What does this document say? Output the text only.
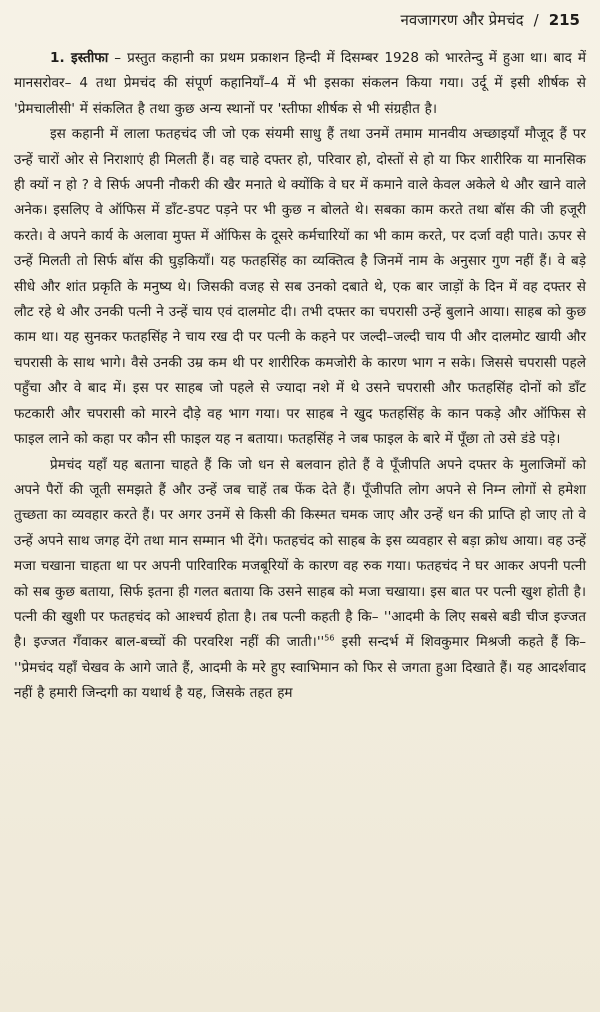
नवजागरण और प्रेमचंद / 215

1. इस्तीफा – प्रस्तुत कहानी का प्रथम प्रकाशन हिन्दी में दिसम्बर 1928 को भारतेन्दु में हुआ था। बाद में मानसरोवर– 4 तथा प्रेमचंद की संपूर्ण कहानियाँ–4 में भी इसका संकलन किया गया। उर्दू में इसी शीर्षक से 'प्रेमचालीसी' में संकलित है तथा कुछ अन्य स्थानों पर 'स्तीफा शीर्षक से भी संग्रहीत है।

इस कहानी में लाला फतहचंद जी जो एक संयमी साधु हैं तथा उनमें तमाम मानवीय अच्छाइयाँ मौजूद हैं पर उन्हें चारों ओर से निराशाएं ही मिलती हैं। वह चाहे दफ्तर हो, परिवार हो, दोस्तों से हो या फिर शारीरिक या मानसिक ही क्यों न हो ? वे सिर्फ अपनी नौकरी की खैर मनाते थे क्योंकि वे घर में कमाने वाले केवल अकेले थे और खाने वाले अनेक। इसलिए वे ऑफिस में डाँट-डपट पड़ने पर भी कुछ न बोलते थे। सबका काम करते तथा बॉस की जी हजूरी करते। वे अपने कार्य के अलावा मुफ्त में ऑफिस के दूसरे कर्मचारियों का भी काम करते, पर दर्जा वही पाते। ऊपर से उन्हें मिलती तो सिर्फ बॉस की घुड़कियाँ। यह फतहसिंह का व्यक्तित्व है जिनमें नाम के अनुसार गुण नहीं हैं। वे बड़े सीधे और शांत प्रकृति के मनुष्य थे। जिसकी वजह से सब उनको दबाते थे, एक बार जाड़ों के दिन में वह दफ्तर से लौट रहे थे और उनकी पत्नी ने उन्हें चाय एवं दालमोट दी। तभी दफ्तर का चपरासी उन्हें बुलाने आया। साहब को कुछ काम था। यह सुनकर फतहसिंह ने चाय रख दी पर पत्नी के कहने पर जल्दी–जल्दी चाय पी और दालमोट खायी और चपरासी के साथ भागे। वैसे उनकी उम्र कम थी पर शारीरिक कमजोरी के कारण भाग न सके। जिससे चपरासी पहले पहुँचा और वे बाद में। इस पर साहब जो पहले से ज्यादा नशे में थे उसने चपरासी और फतहसिंह दोनों को डाँट फटकारी और चपरासी को मारने दौड़े वह भाग गया। पर साहब ने खुद फतहसिंह के कान पकड़े और ऑफिस से फाइल लाने को कहा पर कौन सी फाइल यह न बताया। फतहसिंह ने जब फाइल के बारे में पूँछा तो उसे डंडे पड़े।

प्रेमचंद यहाँ यह बताना चाहते हैं कि जो धन से बलवान होते हैं वे पूँजीपति अपने दफ्तर के मुलाजिमों को अपने पैरों की जूती समझते हैं और उन्हें जब चाहें तब फेंक देते हैं। पूँजीपति लोग अपने से निम्न लोगों से हमेशा तुच्छता का व्यवहार करते हैं। पर अगर उनमें से किसी की किस्मत चमक जाए और उन्हें धन की प्राप्ति हो जाए तो वे उन्हें अपने साथ जगह देंगे तथा मान सम्मान भी देंगे। फतहचंद को साहब के इस व्यवहार से बड़ा क्रोध आया। वह उन्हें मजा चखाना चाहता था पर अपनी पारिवारिक मजबूरियों के कारण वह रुक गया। फतहचंद ने घर आकर अपनी पत्नी को सब कुछ बताया, सिर्फ इतना ही गलत बताया कि उसने साहब को मजा चखाया। इस बात पर पत्नी खुश होती है। पत्नी की खुशी पर फतहचंद को आश्चर्य होता है। तब पत्नी कहती है कि– ''आदमी के लिए सबसे बडी चीज इज्जत है। इज्जत गँवाकर बाल-बच्चों की परवरिश नहीं की $जाती।''^{56}$ इसी सन्दर्भ में शिवकुमार मिश्रजी कहते हैं कि– ''प्रेमचंद यहाँ चेखव के आगे जाते हैं, आदमी के मरे हुए स्वाभिमान को फिर से जगता हुआ दिखाते हैं। यह आदर्शवाद नहीं है हमारी जिन्दगी का यथार्थ है यह, जिसके तहत हम
